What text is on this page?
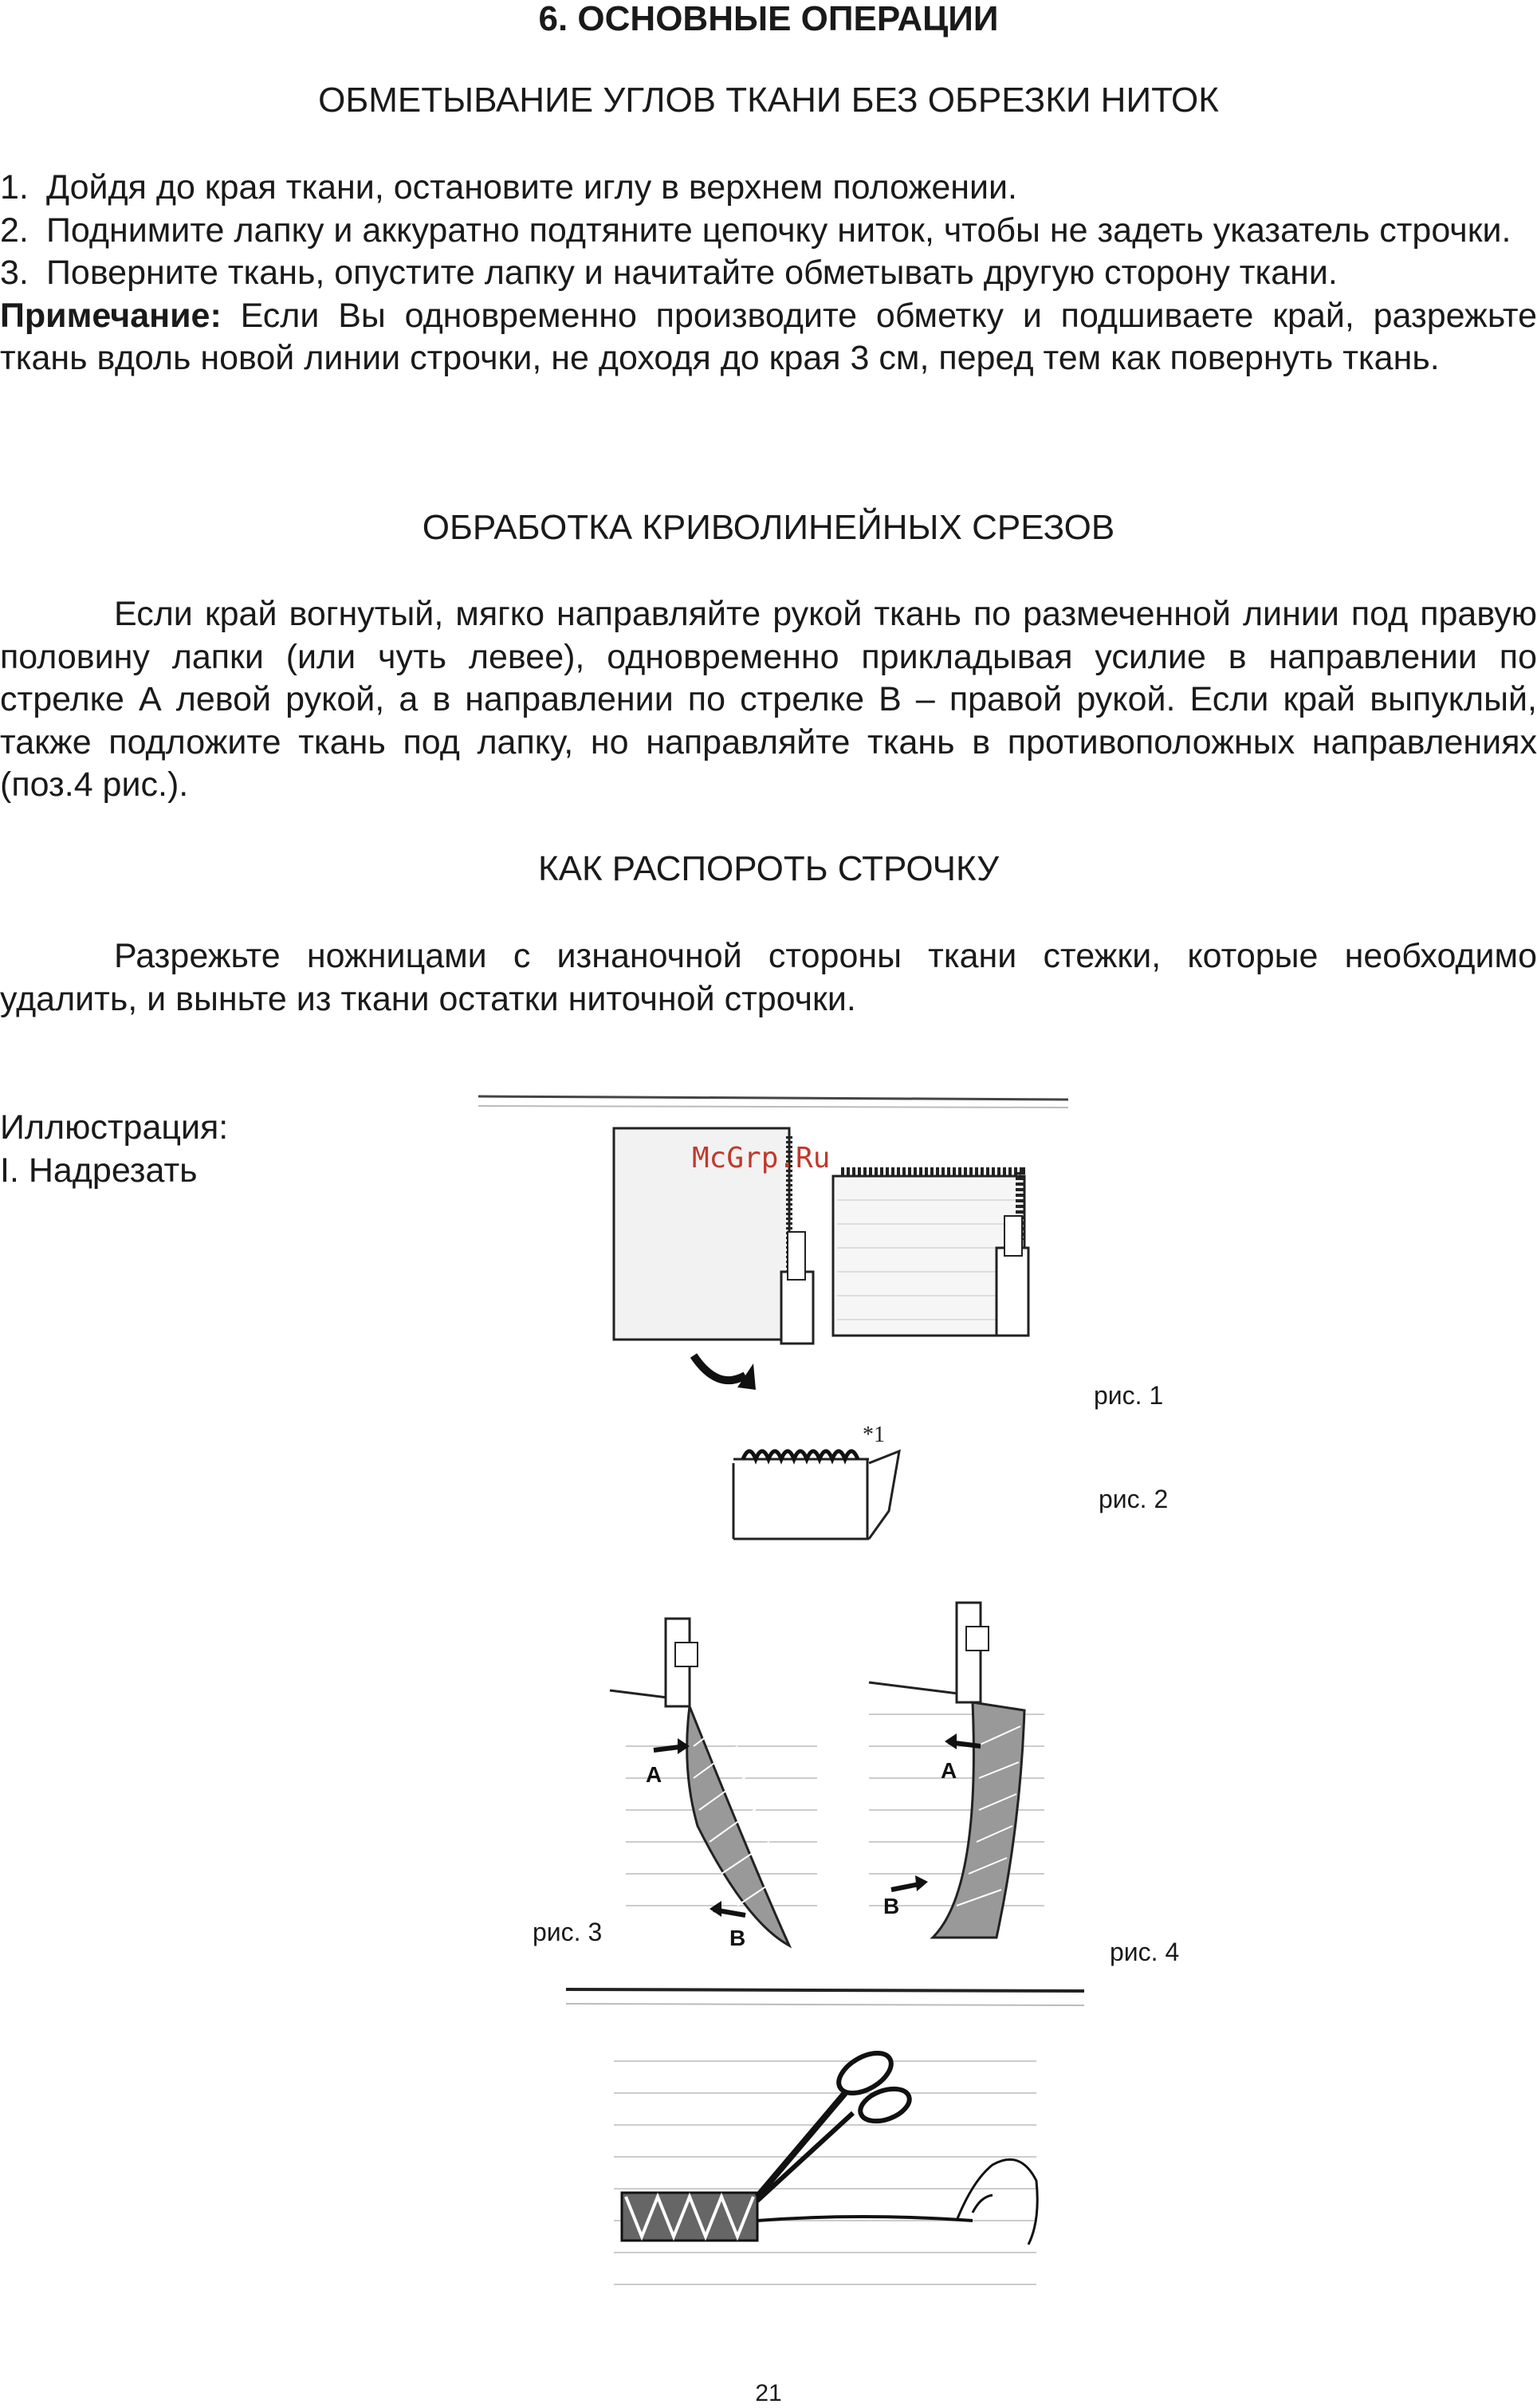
6. ОСНОВНЫЕ ОПЕРАЦИИ
ОБМЕТЫВАНИЕ УГЛОВ ТКАНИ БЕЗ ОБРЕЗКИ НИТОК
1. Дойдя до края ткани, остановите иглу в верхнем положении.
2. Поднимите лапку и аккуратно подтяните цепочку ниток, чтобы не задеть указатель строчки.
3. Поверните ткань, опустите лапку и начитайте обметывать другую сторону ткани.
Примечание: Если Вы одновременно производите обметку и подшиваете край, разрежьте ткань вдоль новой линии строчки, не доходя до края 3 см, перед тем как повернуть ткань.
ОБРАБОТКА КРИВОЛИНЕЙНЫХ СРЕЗОВ
Если край вогнутый, мягко направляйте рукой ткань по размеченной линии под правую половину лапки (или чуть левее), одновременно прикладывая усилие в направлении по стрелке А левой рукой, а в направлении по стрелке В – правой рукой. Если край выпуклый, также подложите ткань под лапку, но направляйте ткань в противоположных направлениях (поз.4 рис.).
КАК РАСПОРОТЬ СТРОЧКУ
Разрежьте ножницами с изнаночной стороны ткани стежки, которые необходимо удалить, и выньте из ткани остатки ниточной строчки.
Иллюстрация:
I. Надрезать	McGrp.Ru
рис. 1
*1
рис. 2
A
B
рис. 3
A
B
рис. 4
21
